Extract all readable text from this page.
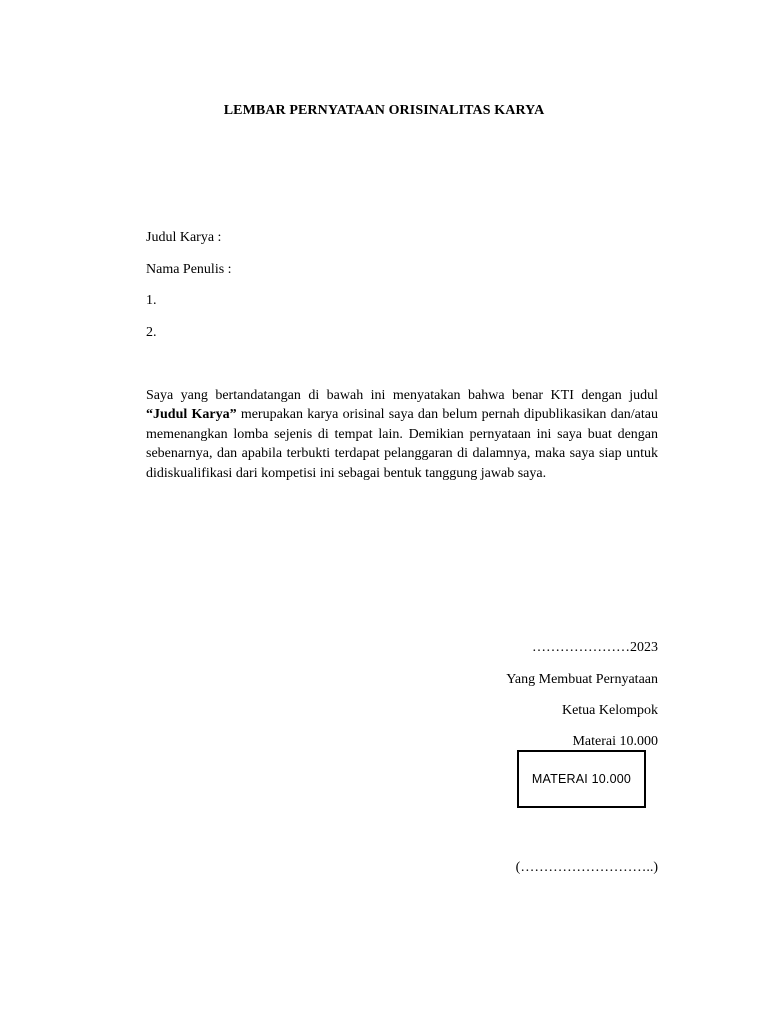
LEMBAR PERNYATAAN ORISINALITAS KARYA
Judul Karya :
Nama Penulis :
1.
2.
Saya yang bertandatangan di bawah ini menyatakan bahwa benar KTI dengan judul “Judul Karya” merupakan karya orisinal saya dan belum pernah dipublikasikan dan/atau memenangkan lomba sejenis di tempat lain. Demikian pernyataan ini saya buat dengan sebenarnya, dan apabila terbukti terdapat pelanggaran di dalamnya, maka saya siap untuk didiskualifikasi dari kompetisi ini sebagai bentuk tanggung jawab saya.
…………………2023
Yang Membuat Pernyataan
Ketua Kelompok
Materai 10.000
MATERAI 10.000
(………………………..)
